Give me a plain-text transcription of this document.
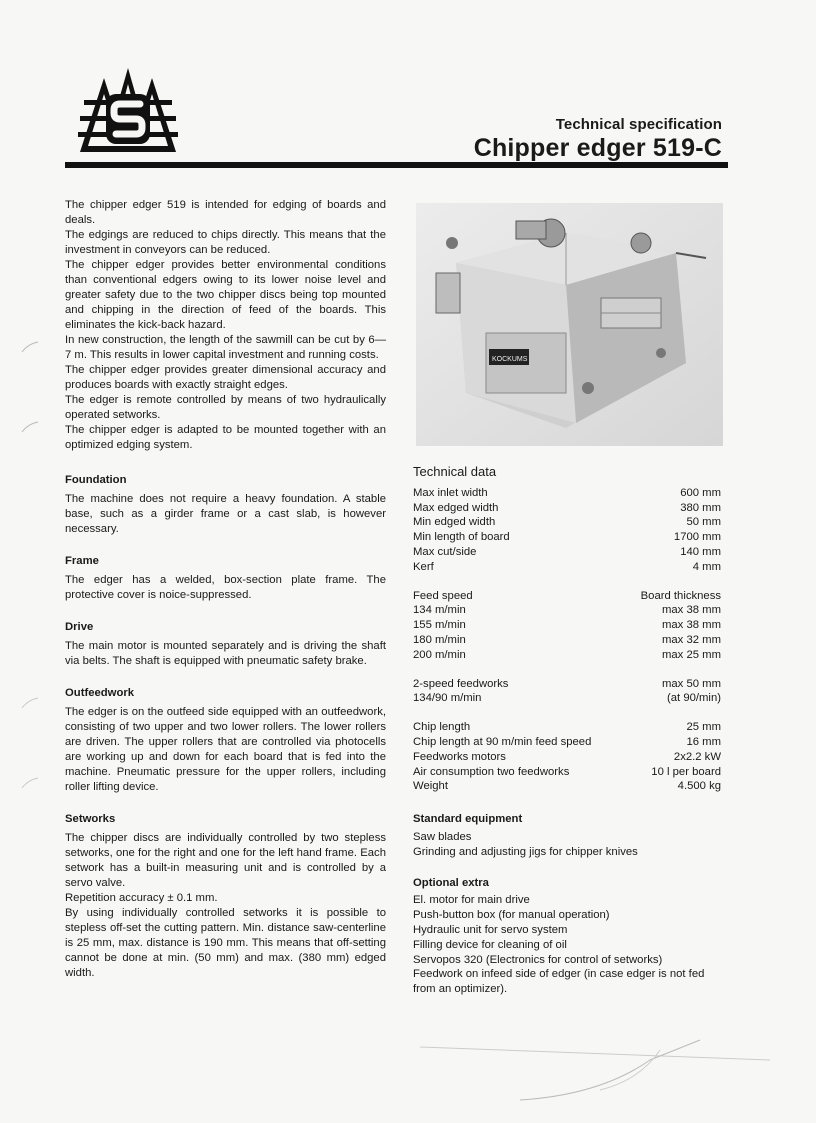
Technical specification
Chipper edger 519-C

The chipper edger 519 is intended for edging of boards and deals.

The edgings are reduced to chips directly. This means that the investment in conveyors can be reduced.

The chipper edger provides better environmental conditions than conventional edgers owing to its lower noise level and greater safety due to the two chipper discs being top mounted and chipping in the direction of feed of the boards. This eliminates the kick-back hazard.

In new construction, the length of the sawmill can be cut by 6—7 m. This results in lower capital investment and running costs.

The chipper edger provides greater dimensional accuracy and produces boards with exactly straight edges.

The edger is remote controlled by means of two hydraulically operated setworks.

The chipper edger is adapted to be mounted together with an optimized edging system.

Foundation

The machine does not require a heavy foundation. A stable base, such as a girder frame or a cast slab, is however necessary.

Frame

The edger has a welded, box-section plate frame. The protective cover is noice-suppressed.

Drive

The main motor is mounted separately and is driving the shaft via belts. The shaft is equipped with pneumatic safety brake.

Outfeedwork

The edger is on the outfeed side equipped with an outfeedwork, consisting of two upper and two lower rollers. The lower rollers are driven. The upper rollers that are controlled via photocells are working up and down for each board that is fed into the machine. Pneumatic pressure for the upper rollers, including roller lifting device.

Setworks

The chipper discs are individually controlled by two stepless setworks, one for the right and one for the left hand frame. Each setwork has a built-in measuring unit and is controlled by a servo valve.

Repetition accuracy ± 0.1 mm.

By using individually controlled setworks it is possible to stepless off-set the cutting pattern. Min. distance saw-centerline is 25 mm, max. distance is 190 mm. This means that off-setting cannot be done at min. (50 mm) and max. (380 mm) edged width.

KOCKUMS
Technical data
Max inlet width	600 mm
Max edged width	380 mm
Min edged width	50 mm
Min length of board	1700 mm
Max cut/side	140 mm
Kerf	4 mm
Feed speed	Board thickness
134 m/min	max 38 mm
155 m/min	max 38 mm
180 m/min	max 32 mm
200 m/min	max 25 mm
2-speed feedworks	max 50 mm
134/90 m/min	(at 90/min)
Chip length	25 mm
Chip length at 90 m/min feed speed	16 mm
Feedworks motors	2x2.2 kW
Air consumption two feedworks	10 l per board
Weight	4.500 kg
Standard equipment
Saw blades
Grinding and adjusting jigs for chipper knives
Optional extra
El. motor for main drive
Push-button box (for manual operation)
Hydraulic unit for servo system
Filling device for cleaning of oil
Servopos 320 (Electronics for control of setworks)
Feedwork on infeed side of edger (in case edger is not fed from an optimizer).
